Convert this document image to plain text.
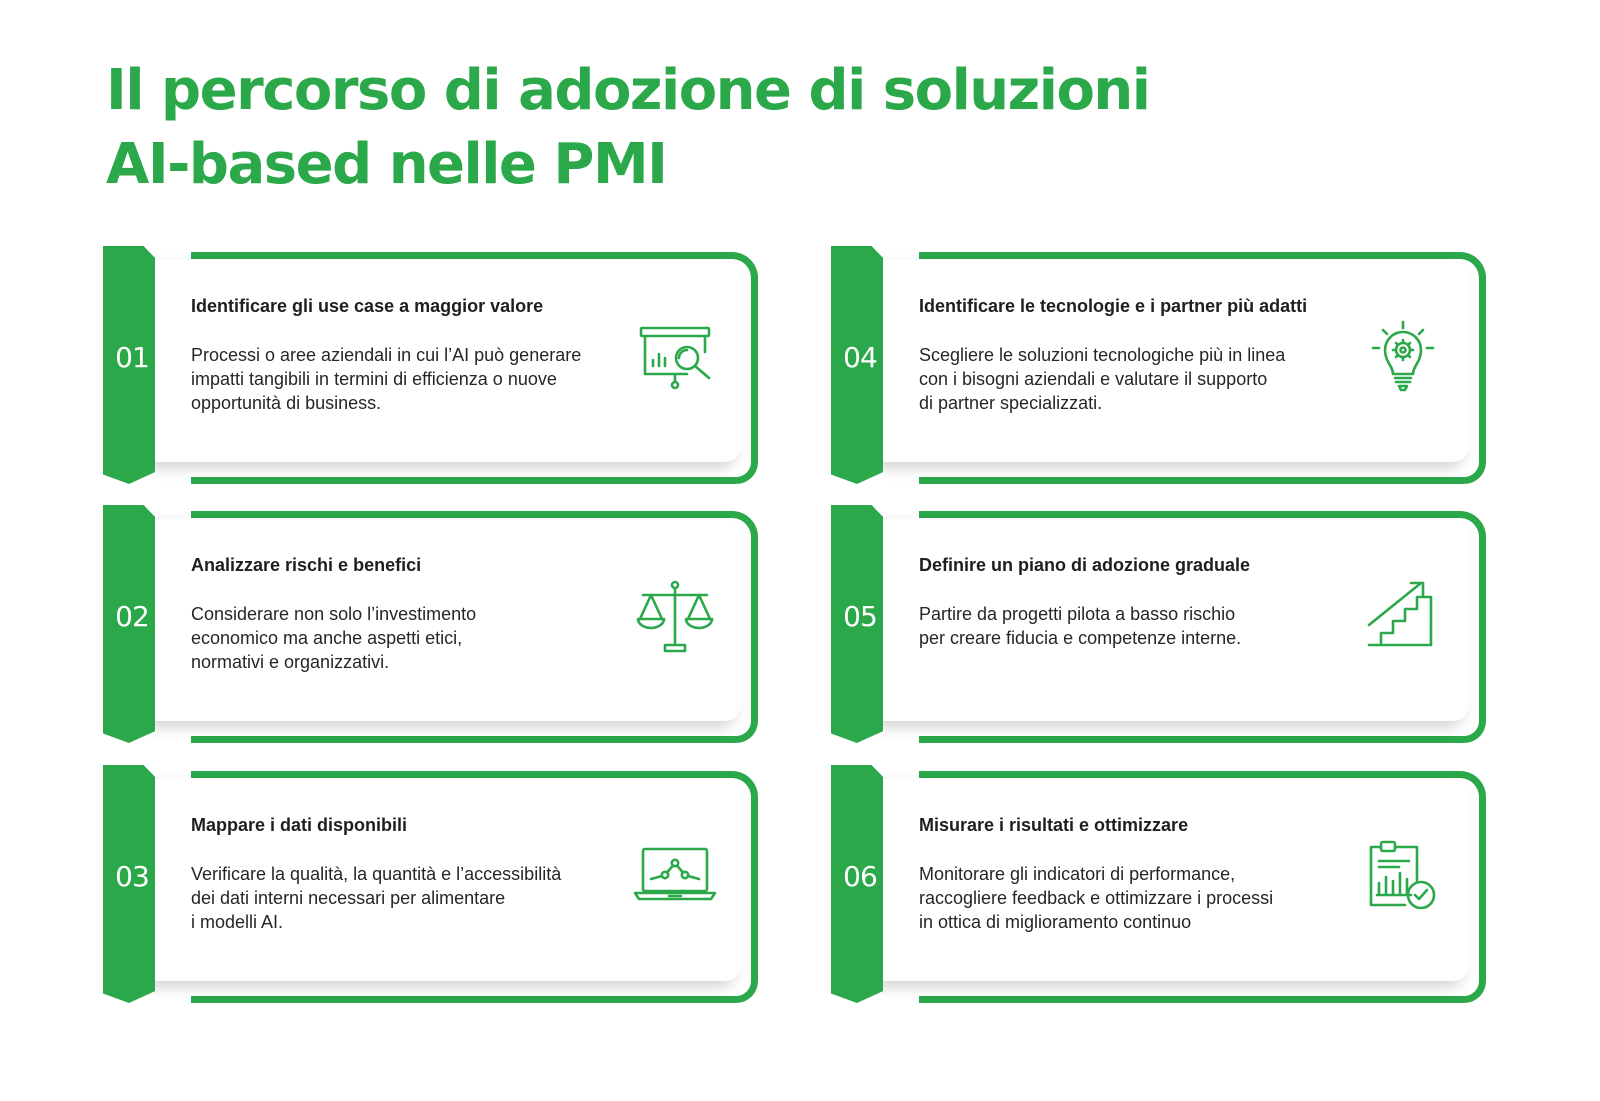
Il percorso di adozione di soluzioni
AI-based nelle PMI
01
Identificare gli use case a maggior valore
Processi o aree aziendali in cui l’AI può generare
impatti tangibili in termini di efficienza o nuove
opportunità di business.
02
Analizzare rischi e benefici
Considerare non solo l’investimento
economico ma anche aspetti etici,
normativi e organizzativi.
03
Mappare i dati disponibili
Verificare la qualità, la quantità e l’accessibilità
dei dati interni necessari per alimentare
i modelli AI.
04
Identificare le tecnologie e i partner più adatti
Scegliere le soluzioni tecnologiche più in linea
con i bisogni aziendali e valutare il supporto
di partner specializzati.
05
Definire un piano di adozione graduale
Partire da progetti pilota a basso rischio
per creare fiducia e competenze interne.
06
Misurare i risultati e ottimizzare
Monitorare gli indicatori di performance,
raccogliere feedback e ottimizzare i processi
in ottica di miglioramento continuo
